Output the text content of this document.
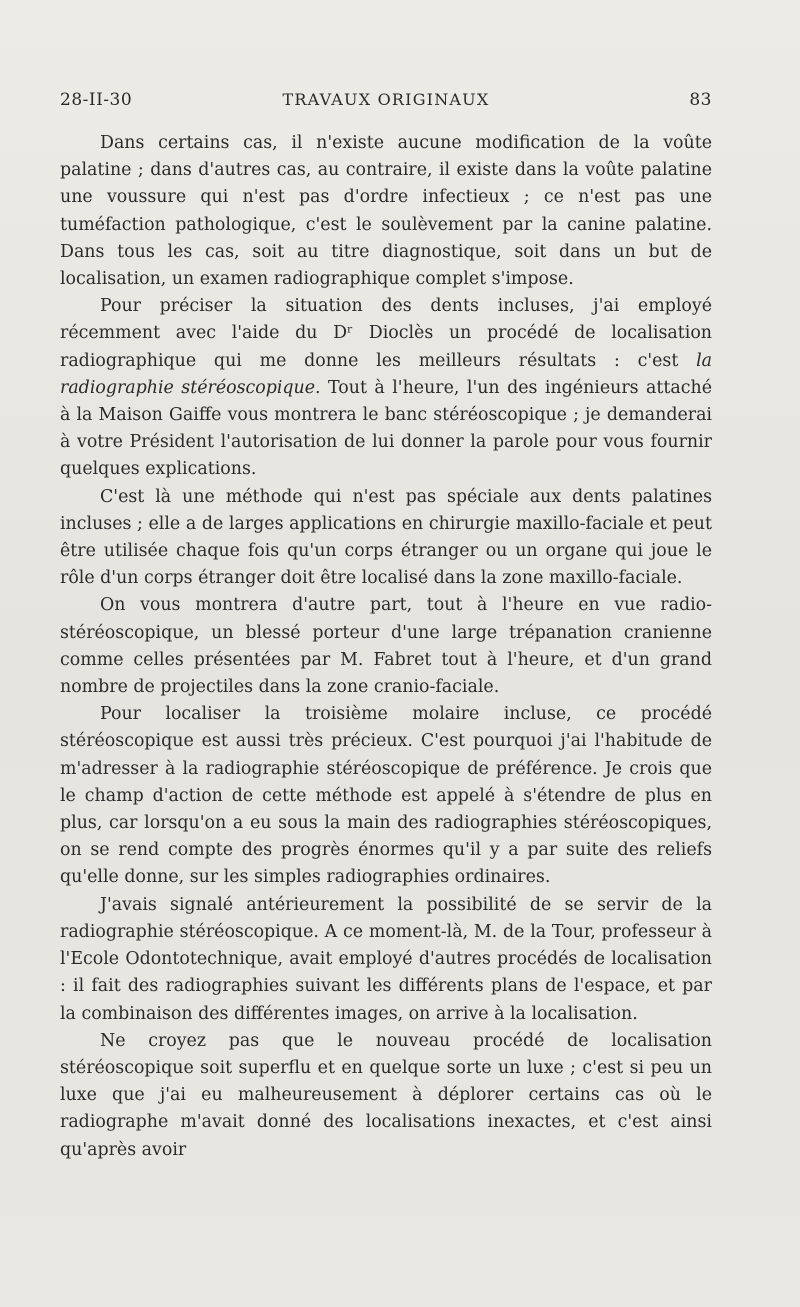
28-II-30	TRAVAUX ORIGINAUX	83

Dans certains cas, il n'existe aucune modification de la voûte palatine ; dans d'autres cas, au contraire, il existe dans la voûte palatine une voussure qui n'est pas d'ordre infectieux ; ce n'est pas une tuméfaction pathologique, c'est le soulèvement par la canine palatine. Dans tous les cas, soit au titre diagnostique, soit dans un but de localisation, un examen radiographique complet s'impose.

Pour préciser la situation des dents incluses, j'ai employé récemment avec l'aide du Dʳ Dioclès un procédé de localisation radiographique qui me donne les meilleurs résultats : c'est la radiographie stéréoscopique. Tout à l'heure, l'un des ingénieurs attaché à la Maison Gaiffe vous montrera le banc stéréoscopique ; je demanderai à votre Président l'autorisation de lui donner la parole pour vous fournir quelques explications.

C'est là une méthode qui n'est pas spéciale aux dents palatines incluses ; elle a de larges applications en chirurgie maxillo-faciale et peut être utilisée chaque fois qu'un corps étranger ou un organe qui joue le rôle d'un corps étranger doit être localisé dans la zone maxillo-faciale.

On vous montrera d'autre part, tout à l'heure en vue radio-stéréoscopique, un blessé porteur d'une large trépanation cranienne comme celles présentées par M. Fabret tout à l'heure, et d'un grand nombre de projectiles dans la zone cranio-faciale.

Pour localiser la troisième molaire incluse, ce procédé stéréoscopique est aussi très précieux. C'est pourquoi j'ai l'habitude de m'adresser à la radiographie stéréoscopique de préférence. Je crois que le champ d'action de cette méthode est appelé à s'étendre de plus en plus, car lorsqu'on a eu sous la main des radiographies stéréoscopiques, on se rend compte des progrès énormes qu'il y a par suite des reliefs qu'elle donne, sur les simples radiographies ordinaires.

J'avais signalé antérieurement la possibilité de se servir de la radiographie stéréoscopique. A ce moment-là, M. de la Tour, professeur à l'Ecole Odontotechnique, avait employé d'autres procédés de localisation : il fait des radiographies suivant les différents plans de l'espace, et par la combinaison des différentes images, on arrive à la localisation.

Ne croyez pas que le nouveau procédé de localisation stéréoscopique soit superflu et en quelque sorte un luxe ; c'est si peu un luxe que j'ai eu malheureusement à déplorer certains cas où le radiographe m'avait donné des localisations inexactes, et c'est ainsi qu'après avoir
